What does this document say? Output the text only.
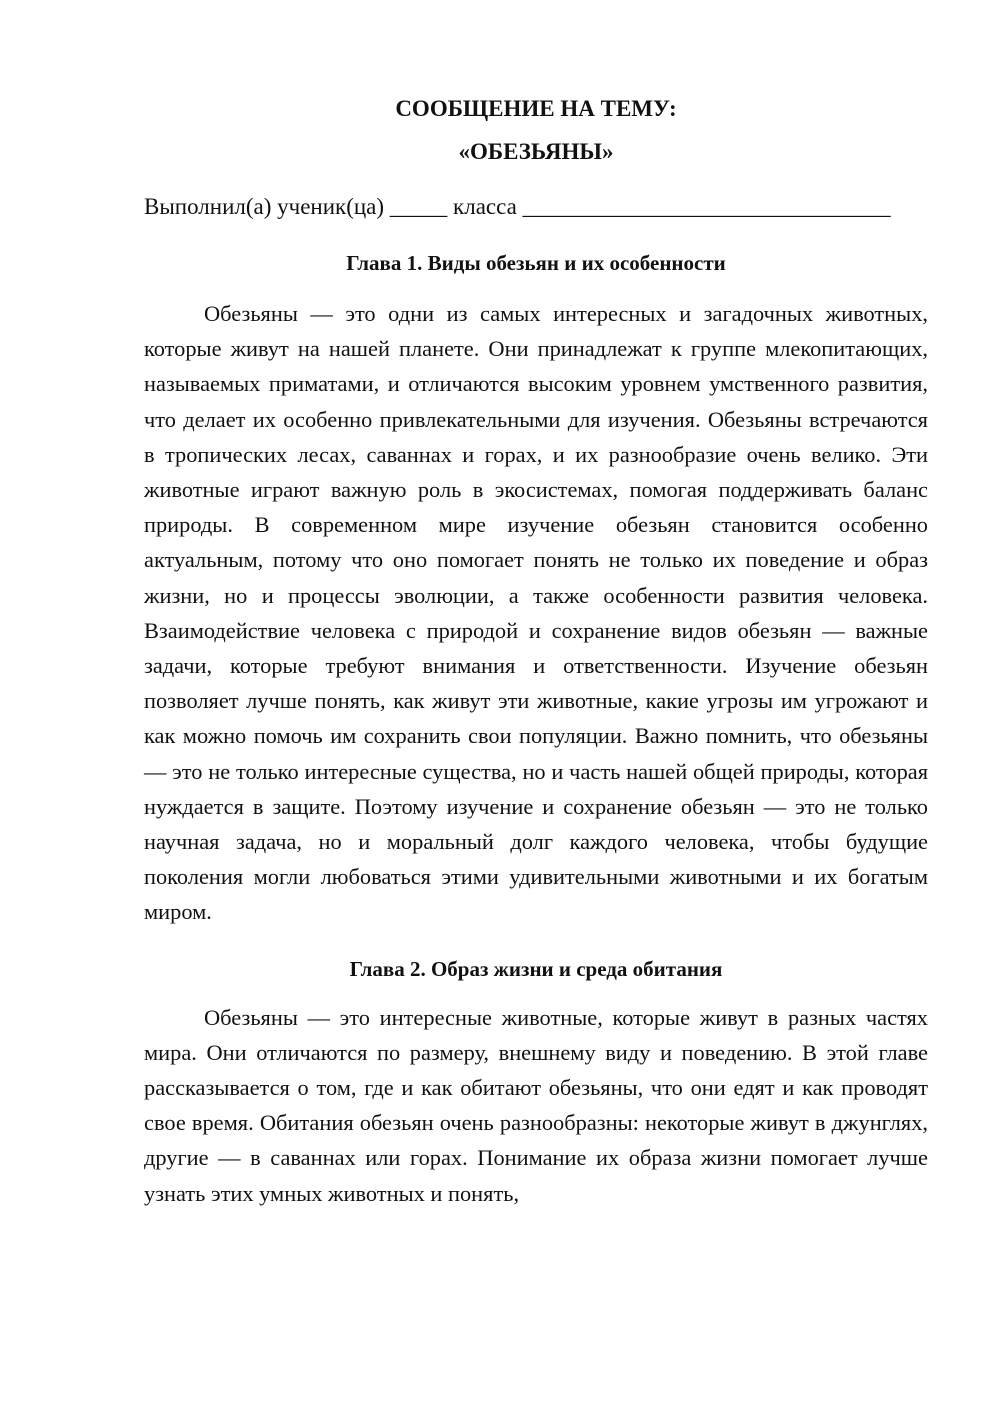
СООБЩЕНИЕ НА ТЕМУ:
«ОБЕЗЬЯНЫ»
Выполнил(а) ученик(ца) _____ класса ________________________________
Глава 1. Виды обезьян и их особенности

Обезьяны — это одни из самых интересных и загадочных животных, которые живут на нашей планете. Они принадлежат к группе млекопитающих, называемых приматами, и отличаются высоким уровнем умственного развития, что делает их особенно привлекательными для изучения. Обезьяны встречаются в тропических лесах, саваннах и горах, и их разнообразие очень велико. Эти животные играют важную роль в экосистемах, помогая поддерживать баланс природы. В современном мире изучение обезьян становится особенно актуальным, потому что оно помогает понять не только их поведение и образ жизни, но и процессы эволюции, а также особенности развития человека. Взаимодействие человека с природой и сохранение видов обезьян — важные задачи, которые требуют внимания и ответственности. Изучение обезьян позволяет лучше понять, как живут эти животные, какие угрозы им угрожают и как можно помочь им сохранить свои популяции. Важно помнить, что обезьяны — это не только интересные существа, но и часть нашей общей природы, которая нуждается в защите. Поэтому изучение и сохранение обезьян — это не только научная задача, но и моральный долг каждого человека, чтобы будущие поколения могли любоваться этими удивительными животными и их богатым миром.

Глава 2. Образ жизни и среда обитания

Обезьяны — это интересные животные, которые живут в разных частях мира. Они отличаются по размеру, внешнему виду и поведению. В этой главе рассказывается о том, где и как обитают обезьяны, что они едят и как проводят свое время. Обитания обезьян очень разнообразны: некоторые живут в джунглях, другие — в саваннах или горах. Понимание их образа жизни помогает лучше узнать этих умных животных и понять,
